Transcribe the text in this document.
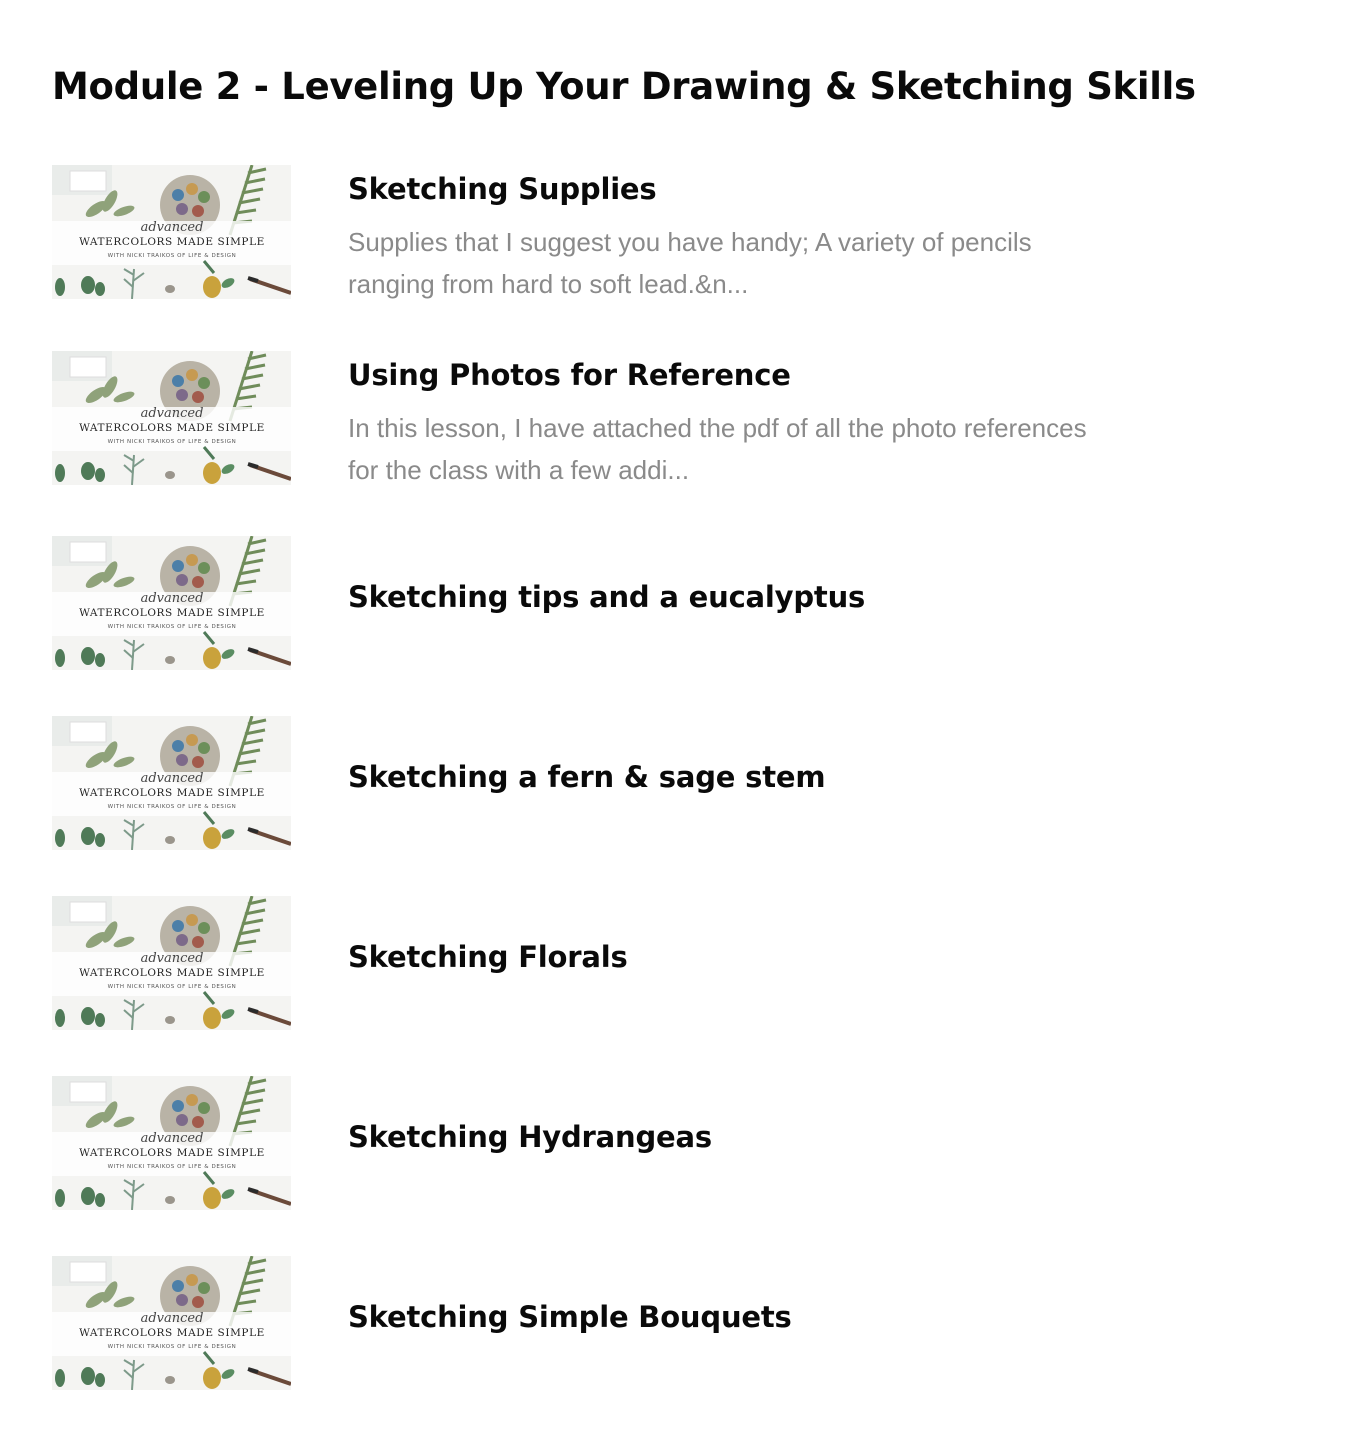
Module 2 - Leveling Up Your Drawing & Sketching Skills
advanced
WATERCOLORS MADE SIMPLE
WITH NICKI TRAIKOS OF LIFE & DESIGN
Sketching Supplies

Supplies that I suggest you have handy; A variety of pencils ranging from hard to soft lead.&n...

advanced
WATERCOLORS MADE SIMPLE
WITH NICKI TRAIKOS OF LIFE & DESIGN
Using Photos for Reference

In this lesson, I have attached the pdf of all the photo references for the class with a few addi...

advanced
WATERCOLORS MADE SIMPLE
WITH NICKI TRAIKOS OF LIFE & DESIGN
Sketching tips and a eucalyptus
advanced
WATERCOLORS MADE SIMPLE
WITH NICKI TRAIKOS OF LIFE & DESIGN
Sketching a fern & sage stem
advanced
WATERCOLORS MADE SIMPLE
WITH NICKI TRAIKOS OF LIFE & DESIGN
Sketching Florals
advanced
WATERCOLORS MADE SIMPLE
WITH NICKI TRAIKOS OF LIFE & DESIGN
Sketching Hydrangeas
advanced
WATERCOLORS MADE SIMPLE
WITH NICKI TRAIKOS OF LIFE & DESIGN
Sketching Simple Bouquets
